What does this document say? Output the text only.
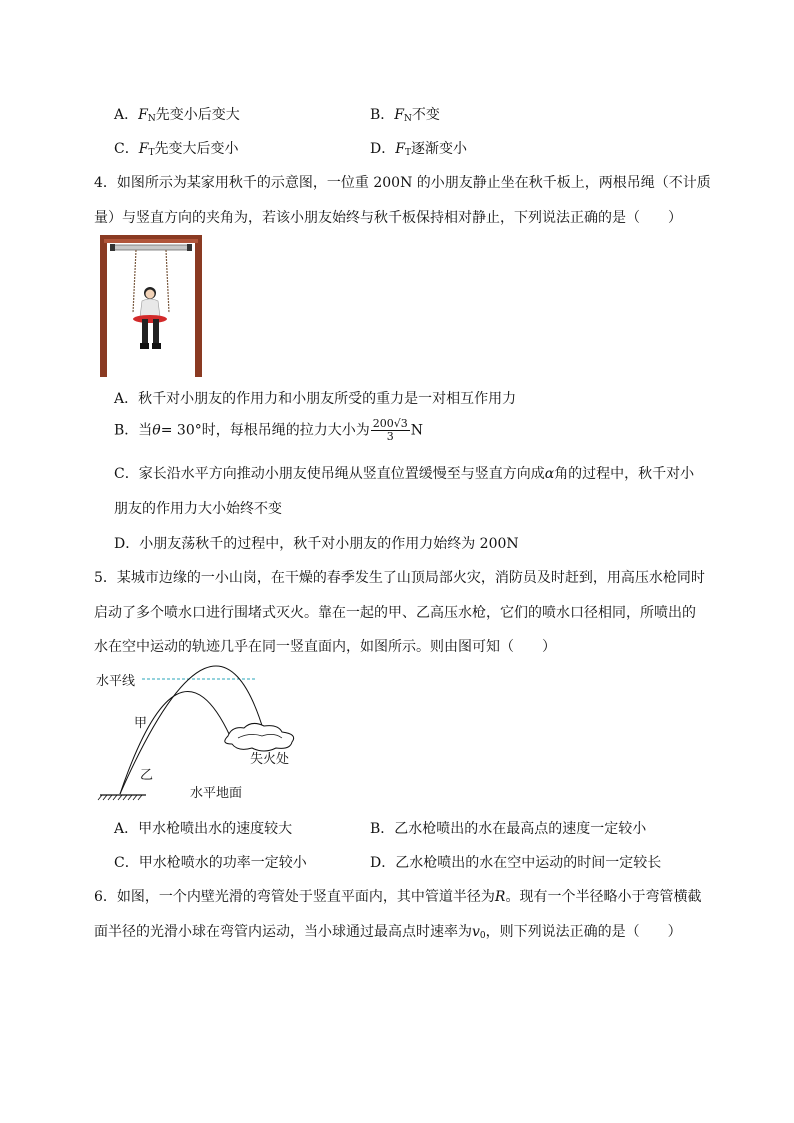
A．$F_N$先变小后变大	B．$F_N$不变
C．$F_T$先变大后变小	D．$F_T$逐渐变小
4．如图所示为某家用秋千的示意图，一位重 200N 的小朋友静止坐在秋千板上，两根吊绳（不计质
量）与竖直方向的夹角为，若该小朋友始终与秋千板保持相对静止，下列说法正确的是（　　）
A．秋千对小朋友的作用力和小朋友所受的重力是一对相互作用力
B．当θ= 30°时，每根吊绳的拉力大小为 $\frac{200√3}{3}$ N
C．家长沿水平方向推动小朋友使吊绳从竖直位置缓慢至与竖直方向成α角的过程中，秋千对小
朋友的作用力大小始终不变
D．小朋友荡秋千的过程中，秋千对小朋友的作用力始终为 200N
5．某城市边缘的一小山岗，在干燥的春季发生了山顶局部火灾，消防员及时赶到，用高压水枪同时
启动了多个喷水口进行围堵式灭火。靠在一起的甲、乙高压水枪，它们的喷水口径相同，所喷出的
水在空中运动的轨迹几乎在同一竖直面内，如图所示。则由图可知（　　）
水平线
甲
乙
失火处
水平地面
A．甲水枪喷出水的速度较大	B．乙水枪喷出的水在最高点的速度一定较小
C．甲水枪喷水的功率一定较小	D．乙水枪喷出的水在空中运动的时间一定较长
6．如图，一个内壁光滑的弯管处于竖直平面内，其中管道半径为R。现有一个半径略小于弯管横截
面半径的光滑小球在弯管内运动，当小球通过最高点时速率为$v_0$，则下列说法正确的是（　　）
